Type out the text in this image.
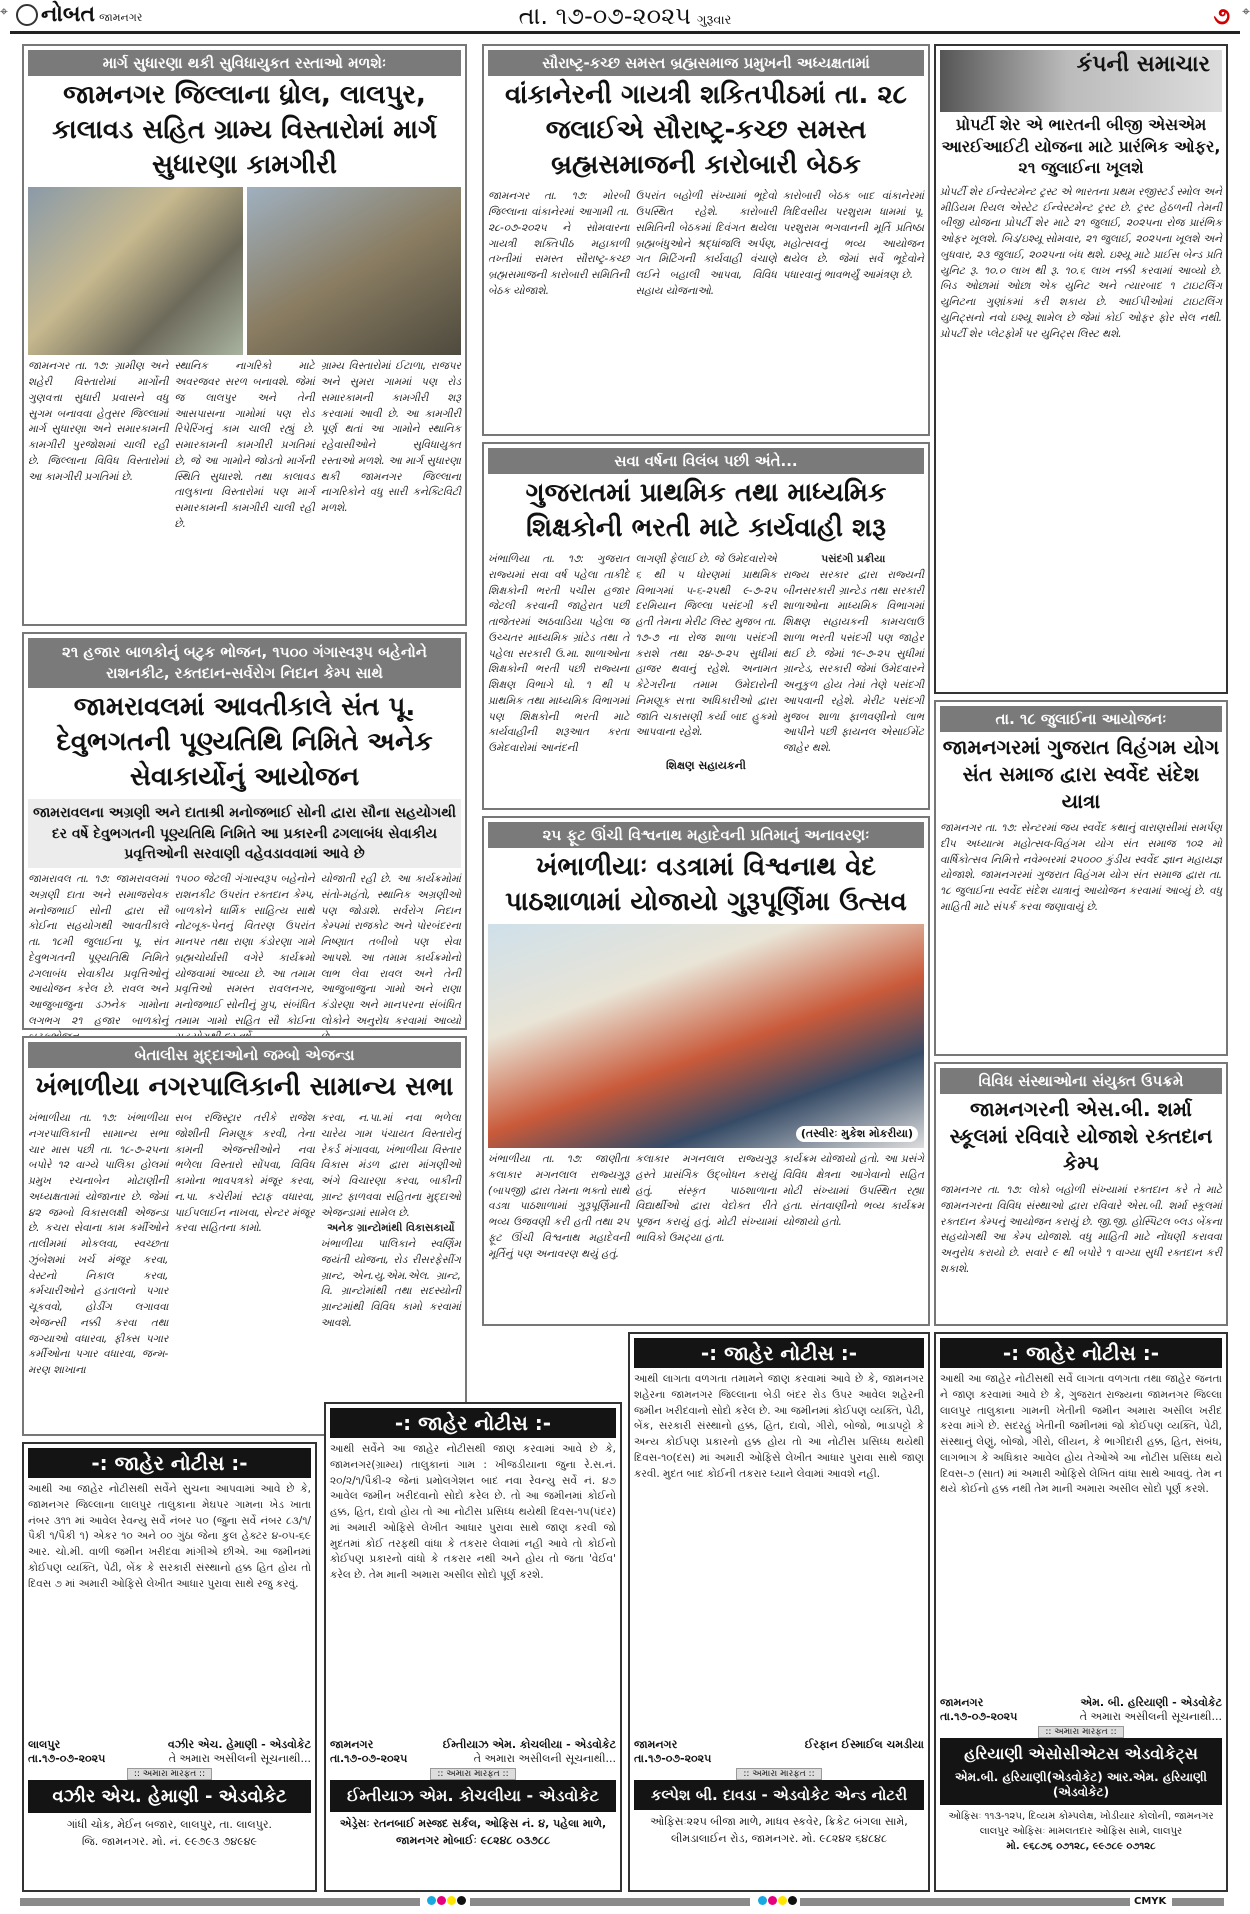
નોબત જામનગર	તા. ૧૭-૦૭-૨૦૨૫ ગુરૂવાર	૭
⌖	⌖
માર્ગ સુધારણા થકી સુવિધાયુકત રસ્તાઓ મળશેઃ
જામનગર જિલ્લાના ધ્રોલ, લાલપુર, કાલાવડ સહિત ગ્રામ્ય વિસ્તારોમાં માર્ગ સુધારણા કામગીરી

જામનગર તા. ૧૭: ગ્રામીણ અને શહેરી વિસ્તારોમાં માર્ગોની ગુણવત્તા સુધારી પ્રવાસને વધુ સુગમ બનાવવા હેતુસર જિલ્લામાં માર્ગ સુધારણા અને સમારકામની કામગીરી પુરજોશમાં ચાલી રહી છે. જિલ્લાના વિવિધ વિસ્તારોમાં આ કામગીરી પ્રગતિમાં છે.

સ્થાનિક નાગરિકો માટે અવરજવર સરળ બનાવશે. જેમાં જ લાલપુર અને તેની આસપાસના ગામોમાં પણ રોડ રિપેરિંગનું કામ ચાલી રહ્યું છે. સમારકામની કામગીરી પ્રગતિમાં છે, જે આ ગામોને જોડતો માર્ગની સ્થિતિ સુધારશે. તથા કાલાવડ તાલુકાના વિસ્તારોમાં પણ માર્ગ સમારકામની કામગીરી ચાલી રહી છે.

ગ્રામ્ય વિસ્તારોમાં ઈટાળા, રાજપર અને સુમરા ગામમાં પણ રોડ સમારકામની કામગીરી શરૂ કરવામાં આવી છે. આ કામગીરી પૂર્ણ થતાં આ ગામોને સ્થાનિક રહેવાસીઓને સુવિધાયુક્ત રસ્તાઓ મળશે. આ માર્ગ સુધારણા થકી જામનગર જિલ્લાના નાગરિકોને વધુ સારી કનેક્ટિવિટી મળશે.

સૌરાષ્ટ્ર-કચ્છ સમસ્ત બ્રહ્મસમાજ પ્રમુખની અધ્યક્ષતામાં
વાંકાનેરની ગાયત્રી શકિતપીઠમાં તા. ૨૮ જલાઈએ સૌરાષ્ટ્ર-કચ્છ સમસ્ત બ્રહ્મસમાજની કારોબારી બેઠક

જામનગર તા. ૧૭: મોરબી જિલ્લાના વાંકાનેરમાં આગામી તા. ૨૮-૦૭-૨૦૨૫ ને સોમવારના ગાયત્રી શક્તિપીઠ મહાકાળી તખ્તીમાં સમસ્ત સૌરાષ્ટ્ર-કચ્છ બ્રહ્મસમાજની કારોબારી સમિતિની બેઠક યોજાશે.

ઉપરાંત બહોળી સંખ્યામાં ભૂદેવો ઉપસ્થિત રહેશે. કારોબારી સમિતિની બેઠકમાં દિવંગત થયેલા બ્રહ્મબંધુઓને શ્રદ્ધાંજલિ અર્પણ, ગત મિટિંગની કાર્યવાહી વંચાણે લઈને બહાલી આપવા, વિવિધ સહાય યોજનાઓ.

કારોબારી બેઠક બાદ વાંકાનેરમાં ત્રિદિવસીય પરશુરામ ધામમાં પૂ. પરશુરામ ભગવાનની મૂર્તિ પ્રતિષ્ઠા મહોત્સવનું ભવ્ય આયોજન થયેલ છે. જેમાં સર્વે ભૂદેવોને પધારવાનું ભાવભર્યું આમંત્રણ છે.

કંપની સમાચાર
પ્રોપર્ટી શેર એ ભારતની બીજી એસએમ આરઈઆઈટી યોજના માટે પ્રારંભિક ઓફર, ૨૧ જુલાઈના ખૂલશે
પ્રોપર્ટી શેર ઈન્વેસ્ટમેન્ટ ટ્રસ્ટ એ ભારતના પ્રથમ રજીસ્ટર્ડ સ્મોલ અને મીડિયમ રિયલ એસ્ટેટ ઈન્વેસ્ટમેન્ટ ટ્રસ્ટ છે. ટ્રસ્ટ હેઠળની તેમની બીજી યોજના પ્રોપર્ટી શેર માટે ૨૧ જુલાઈ, ૨૦૨૫ના રોજ પ્રારંભિક ઓફર ખૂલશે. બિડ/ઇશ્યૂ સોમવાર, ૨૧ જુલાઈ, ૨૦૨૫ના ખૂલશે અને બુધવાર, ૨૩ જુલાઈ, ૨૦૨૫ના બંધ થશે. ઇશ્યૂ માટે પ્રાઈસ બેન્ડ પ્રતિ યુનિટ રૂ. ૧૦.૦ લાખ થી રૂ. ૧૦.૬ લાખ નક્કી કરવામાં આવ્યો છે. બિડ ઓછામાં ઓછા એક યુનિટ અને ત્યારબાદ ૧ ટાઇટલિંગ યુનિટના ગુણાંકમાં કરી શકાય છે. આઈપીઓમાં ટાઇટલિંગ યુનિટ્સનો નવો ઇશ્યૂ શામેલ છે જેમાં કોઈ ઓફર ફોર સેલ નથી. પ્રોપર્ટી શેર પ્લેટફોર્મ પર યુનિટ્સ લિસ્ટ થશે.
સવા વર્ષના વિલંબ પછી અંતે...
ગુજરાતમાં પ્રાથમિક તથા માધ્યમિક શિક્ષકોની ભરતી માટે કાર્યવાહી શરૂ

ખંભાળિયા તા. ૧૭: ગુજરાત રાજ્યમાં સવા વર્ષ પહેલા તાકીદે શિક્ષકોની ભરતી પચીસ હજાર જેટલી કરવાની જાહેરાત પછી તાજેતરમાં અઠવાડિયા પહેલા જ ઉચ્ચતર માધ્યમિક ગ્રાંટેડ તથા તે પહેલા સરકારી ઉ.મા. શાળાઓના શિક્ષકોની ભરતી પછી રાજ્યના શિક્ષણ વિભાગે ધો. ૧ થી ૫ પ્રાથમિક તથા માધ્યમિક વિભાગમાં પણ શિક્ષકોની ભરતી માટે કાર્યવાહીની શરૂઆત કરતા ઉમેદવારોમાં આનંદની

લાગણી ફેલાઈ છે. જે ઉમેદવારોએ ૬ થી ૫ ધોરણમાં પ્રાથમિક વિભાગમાં ૫-૬-૨૫થી ૯-૭-૨૫ દરમિયાન જિલ્લા પસંદગી કરી હતી તેમના મેરીટ લિસ્ટ મુજબ તા. ૧૭-૭ ના રોજ શાળા પસંદગી કરાશે તથા ૨૪-૭-૨૫ સુધીમાં હાજર થવાનું રહેશે. અનામત કેટેગરીના તમામ ઉમેદારોની નિમણૂક સત્તા અધિકારીઓ દ્વારા જાતિ ચકાસણી કર્યા બાદ હુકમો આપવાના રહેશે.

પસંદગી પ્રક્રીયા
રાજ્ય સરકાર દ્વારા રાજ્યની બીનસરકારી ગ્રાન્ટેડ તથા સરકારી શાળાઓના માધ્યમિક વિભાગમાં શિક્ષણ સહાયકની કામચલાઉ શાળા ભરતી પસંદગી પણ જાહેર થઈ છે. જેમાં ૧૯-૭-૨૫ સુધીમાં ગ્રાન્ટેડ, સરકારી જેમાં ઉમેદવારને અનુકુળ હોય તેમાં તેણે પસંદગી આપવાની રહેશે. મેરીટ પસંદગી મુજબ શાળા ફાળવણીનો લાભ આપીને પછી ફાયનલ એસાઈમેંટ જાહેર થશે.

શિક્ષણ સહાયકની
૨૧ હજાર બાળકોનું બટુક ભોજન, ૧૫૦૦ ગંગાસ્વરૂપ બહેનોને રાશનકીટ, રક્તદાન-સર્વરોગ નિદાન કેમ્પ સાથે
જામરાવલમાં આવતીકાલે સંત પૂ. દેવુભગતની પૂણ્યતિથિ નિમિતે અનેક સેવાકાર્યોનું આયોજન
જામરાવલના અગ્રણી અને દાતાશ્રી મનોજભાઈ સોની દ્વારા સૌના સહયોગથી દર વર્ષે દેવુભગતની પૂણ્યતિથિ નિમિતે આ પ્રકારની ઢગલાબંધ સેવાકીય પ્રવૃત્તિઓની સરવાણી વહેવડાવવામાં આવે છે

જામરાવલ તા. ૧૭: જામરાવલમાં અગ્રણી દાતા અને સમાજસેવક મનોજભાઈ સોની દ્વારા સૌ કોઈના સહયોગથી આવતીકાલે તા. ૧૮મી જુલાઈના પૂ. સંત દેવુભગતની પૂણ્યતિથિ નિમિતે ઢગલાબંધ સેવાકીય પ્રવૃત્તિઓનું આયોજન કરેલ છે. રાવલ અને આજુબાજુના ડઝનેક ગામોના લગભગ ૨૧ હજાર બાળકોનું

૧૫૦૦ જેટલી ગંગાસ્વરૂપ બહેનોને રાશનકીટ ઉપરાંત રક્તદાન કેમ્પ, બાળકોને ધાર્મિક સાહિત્ય સાથે નોટબૂક-પેનનું વિતરણ ઉપરાંત માનપર તથા રાણા કંડોરણા ગામે બ્રહ્મચોર્યાસી વગેરે કાર્યક્રમો યોજવામાં આવ્યા છે. આ તમામ પ્રવૃત્તિઓ સમસ્ત રાવલનગર, મનોજભાઈ સોનીનું ગ્રુપ, સંબંધિત તમામ ગામો સહિત સૌ કોઈના

યોજાતી રહી છે. આ કાર્યક્રમોમાં સંતો-મહંતો, સ્થાનિક અગ્રણીઓ પણ જોડાશે. સર્વરોગ નિદાન કેમ્પમાં રાજકોટ અને પોરબંદરના નિષ્ણાત તબીબો પણ સેવા આપશે. આ તમામ કાર્યક્રમોનો લાભ લેવા રાવલ અને તેની આજુબાજુના ગામો અને રાણા કંડોરણા અને માનપરના સંબંધિત લોકોને અનુરોધ કરવામાં આવ્યો

તા. ૧૮ જુલાઈના આયોજનઃ
જામનગરમાં ગુજરાત વિહંગમ યોગ સંત સમાજ દ્વારા સ્વર્વેદ સંદેશ યાત્રા
જામનગર તા. ૧૭: સેન્ટરમાં જય સ્વર્વેદ કથાનું વારાણસીમાં સમર્પણ દીપ અધ્યાત્મ મહોત્સવ-વિહંગમ યોગ સંત સમાજ ૧૦૨ મો વાર્ષિકોત્સવ નિમિત્તે નવેમ્બરમાં ૨૫૦૦૦ કુંડીય સ્વર્વેદ જ્ઞાન મહાયજ્ઞ યોજાશે. જામનગરમાં ગુજરાત વિહંગમ યોગ સંત સમાજ દ્વારા તા. ૧૮ જુલાઈના સ્વર્વેદ સંદેશ યાત્રાનું આયોજન કરવામાં આવ્યું છે. વધુ માહિતી માટે સંપર્ક કરવા જણાવાયું છે.
૨૫ ફૂટ ઊંચી વિશ્વનાથ મહાદેવની પ્રતિમાનું અનાવરણઃ
ખંભાળીયાઃ વડત્રામાં વિશ્વનાથ વેદ પાઠશાળામાં યોજાયો ગુરૂપૂર્ણિમા ઉત્સવ
(તસ્વીરઃ મુકેશ મોકરીયા)

ખંભાળીયા તા. ૧૭: જાણીતા કલાકાર મગનલાલ રાજ્યગુરૂ (બાપજી) દ્વારા તેમના ભક્તો સાથે વડત્રા પાઠશાળામાં ગુરૂપૂર્ણિમાની ભવ્ય ઉજવણી કરી હતી તથા ૨૫ ફૂટ ઊંચી વિશ્વનાથ મહાદેવની મૂર્તિનું પણ અનાવરણ થયું હતું.

કલાકાર મગનલાલ રાજ્યગુરૂ હસ્તે પ્રાસંગિક ઉદ્બોધન કરાયું હતું. સંસ્કૃત પાઠશાળાના વિદ્યાર્થીઓ દ્વારા વેદોક્ત રીતે પૂજન કરાયું હતું. મોટી સંખ્યામાં ભાવિકો ઉમટ્યા હતા.

કાર્યક્રમ યોજાયો હતો. આ પ્રસંગે વિવિધ ક્ષેત્રના આગેવાનો સહિત મોટી સંખ્યામાં ઉપસ્થિત રહ્યા હતા. સંતવાણીનો ભવ્ય કાર્યક્રમ યોજાયો હતો.

બેતાલીસ મુદ્દાઓનો જમ્બો એજન્ડા
ખંભાળીયા નગરપાલિકાની સામાન્ય સભા

ખંભાળીયા તા. ૧૭: ખંભાળીયા નગરપાલિકાની સામાન્ય સભા ચાર માસ પછી તા. ૧૮-૭-૨૫ના બપોરે ૧૨ વાગ્યે પાલિકા હોલમાં પ્રમુખ રચનાબેન મોટાણીની અધ્યક્ષતામાં યોજાનાર છે. જેમાં ૪૨ જમ્બો વિકાસલક્ષી એજન્ડા છે. કચરા સેવાના કામ કર્મીઓને તાલીમમાં મોકલવા, સ્વચ્છતા ઝુંબેશમાં ખર્ચ મંજૂર કરવા, વેસ્ટનો નિકાલ કરવા, કર્મચારીઓને હડતાલનો પગાર ચૂકવવો, હોડીંગ લગાવવા એજન્સી નક્કી કરવા તથા જગ્યાઓ વધારવા, ફીક્સ પગાર કર્મીઓના પગાર વધારવા, જન્મ-મરણ શાખાના

સબ રજિસ્ટ્રાર તરીકે રાજેશ જોશીની નિમણૂક કરવી, તેના કામની એજન્સીઓને નવા ભળેલા વિસ્તારો સોંપવા, વિવિધ કામોના ભાવપત્રકો મંજૂર કરવા, ન.પા. કચેરીમાં સ્ટાફ વધારવા, પાઈપલાઈન નાખવા, સેન્ટર મંજૂર કરવા સહિતના કામો.

કરવા, ન.પા.માં નવા ભળેલા ચારેય ગામ પંચાયત વિસ્તારોનું રેકર્ડ મંગાવવા, ખંભાળીયા વિસ્તાર વિકાસ મંડળ દ્વારા માંગણીઓ અંગે વિચારણા કરવા, બાકીની ગ્રાન્ટ ફાળવવા સહિતના મુદ્દાઓ એજન્ડામાં સામેલ છે.
અનેક ગ્રાન્ટોમાંથી વિકાસકાર્યો
ખંભાળીયા પાલિકાને સ્વર્ણિમ જયંતી યોજના, રોડ રીસરફેસીંગ ગ્રાન્ટ, એન.યુ.એમ.એલ. ગ્રાન્ટ, વિ. ગ્રાન્ટોમાંથી તથા સદસ્યોની ગ્રાન્ટમાંથી વિવિધ કામો કરવામાં આવશે.

વિવિધ સંસ્થાઓના સંયુક્ત ઉપક્રમે
જામનગરની એસ.બી. શર્મા સ્કૂલમાં રવિવારે યોજાશે રક્તદાન કેમ્પ
જામનગર તા. ૧૭: લોકો બહોળી સંખ્યામાં રક્તદાન કરે તે માટે જામનગરના વિવિધ સંસ્થાઓ દ્વારા રવિવારે એસ.બી. શર્મા સ્કૂલમાં રક્તદાન કેમ્પનું આયોજન કરાયું છે. જી.જી. હોસ્પિટલ બ્લડ બેંકના સહયોગથી આ કેમ્પ યોજાશે. વધુ માહિતી માટે નોંધણી કરાવવા અનુરોધ કરાયો છે. સવારે ૯ થી બપોરે ૧ વાગ્યા સુધી રક્તદાન કરી શકાશે.
-: જાહેર નોટીસ :-
આથી આ જાહેર નોટીસથી સર્વેને સુચના આપવામાં આવે છે કે, જામનગર જિલ્લાના લાલપુર તાલુકાના મેઘપર ગામના ખેડ ખાતા નંબર ૩૧૧ માં આવેલ રેવન્યુ સર્વે નંબર ૫૦ (જુના સર્વે નંબર ૮૩/૧/પૈકી ૧/પૈકી ૧) એકર ૧૦ અને ૦૦ ગુંઠા જેના કુલ હેક્ટર ૪-૦૫-૬૯ આર. ચો.મી. વાળી જમીન ખરીદવા માંગીએ છીએ. આ જમીનમાં કોઈપણ વ્યક્તિ, પેઢી, બેંક કે સરકારી સંસ્થાનો હક્ક હિત હોય તો દિવસ ૭ માં અમારી ઓફિસે લેખીત આધાર પુરાવા સાથે રજુ કરવું.
લાલપુર
તા.૧૭-૦૭-૨૦૨૫
વઝીર એચ. હેમાણી - એડવોકેટ
તે અમારા અસીલની સૂચનાથી...
:: અમારા મારફત ::
વઝીર એચ. હેમાણી - એડવોકેટ
ગાંધી ચોક, મેઈન બજાર, લાલપુર, તા. લાલપુર.
જિ. જામનગર. મો. નં. ૯૯૭૯૩ ૭૪૯૪૯
-: જાહેર નોટીસ :-
આથી સર્વેને આ જાહેર નોટીસથી જાણ કરવામાં આવે છે કે, જામનગર(ગ્રામ્ય) તાલુકાનાં ગામ : ખીજડીયાના જુના રે.સ.નં. ૨૦/૨/૧/પૈકી-૨ જેનાં પ્રમોલગેશન બાદ નવા રેવન્યુ સર્વે નં. ૪૭ આવેલ જમીન ખરીદવાનો સોદો કરેલ છે. તો આ જમીનમાં કોઈનો હક્ક, હિત, દાવો હોય તો આ નોટીસ પ્રસિધ્ધ થયેથી દિવસ-૧૫(પંદર) માં અમારી ઓફિસે લેખીત આધાર પુરાવા સાથે જાણ કરવી જો મુદતમાં કોઈ તરફથી વાંધા કે તકરાર લેવામાં નહી આવે તો કોઈનો કોઈપણ પ્રકારનો વાંધો કે તકરાર નથી અને હોય તો જતા 'વેઈવ' કરેલ છે. તેમ માની અમારા અસીલ સોદો પૂર્ણ કરશે.
જામનગર
તા.૧૭-૦૭-૨૦૨૫
ઈમ્તીયાઝ એમ. કોચલીયા - એડવોકેટ
તે અમારા અસીલની સૂચનાથી...
:: અમારા મારફત ::
ઈમ્તીયાઝ એમ. કોચલીયા - એડવોકેટ
એડ્રેસઃ રતનબાઈ મસ્જદ સર્કલ, ઓફિસ નં. ૪, પહેલા માળે,
જામનગર મોબાઈઃ ૯૮૨૪૮ ૦૩૭૮૮
-: જાહેર નોટીસ :-
આથી લાગતા વળગતા તમામને જાણ કરવામાં આવે છે કે, જામનગર શહેરના જામનગર જિલ્લાના બેડી બંદર રોડ ઉપર આવેલ શહેરની જમીન ખરીદવાનો સોદો કરેલ છે. આ જમીનમાં કોઈપણ વ્યક્તિ, પેઢી, બેંક, સરકારી સંસ્થાનો હક્ક, હિત, દાવો, ગીરો, બોજો, ભાડાપટ્ટો કે અન્ય કોઈપણ પ્રકારનો હક્ક હોય તો આ નોટીસ પ્રસિધ્ધ થયેથી દિવસ-૧૦(દસ) માં અમારી ઓફિસે લેખીત આધાર પુરાવા સાથે જાણ કરવી. મુદત બાદ કોઈની તકરાર ધ્યાને લેવામાં આવશે નહી.
જામનગર
તા.૧૭-૦૭-૨૦૨૫
ઈરફાન ઈસ્માઈલ ચમડીયા
:: અમારા મારફત ::
કલ્પેશ બી. દાવડા - એડવોકેટ એન્ડ નોટરી
ઓફિસઃ૨૨૫ બીજા માળે, માધવ સ્કવેર, ક્રિકેટ બંગલા સામે,
લીમડાલાઈન રોડ, જામનગર. મો. ૯૮૨૪૨ ૬૪૮૪૮
-: જાહેર નોટીસ :-
આથી આ જાહેર નોટીસથી સર્વે લાગતા વળગતા તથા જાહેર જનતા ને જાણ કરવામાં આવે છે કે, ગુજરાત રાજ્યના જામનગર જિલ્લા લાલપુર તાલુકાના ગામની ખેતીની જમીન અમારા અસીલ ખરીદ કરવા માંગે છે. સદરહું ખેતીની જમીનમાં જો કોઈપણ વ્યક્તિ, પેઢી, સંસ્થાનું લેણું, બોજો, ગીરો, લીયન, કે ભાગીદારી હક્ક, હિત, સંબંધ, લાગભાગ કે અધિકાર આવેલ હોય તેઓએ આ નોટીસ પ્રસિધ્ધ થયે દિવસ-૭ (સાત) માં અમારી ઓફિસે લેખિત વાંધા સાથે આવવું. તેમ ન થયે કોઈનો હક્ક નથી તેમ માની અમારા અસીલ સોદો પૂર્ણ કરશે.
જામનગર
તા.૧૭-૦૭-૨૦૨૫
એમ. બી. હરિયાણી - એડવોકેટ
તે અમારા અસીલની સૂચનાથી...
:: અમારા મારફત ::
હરિયાણી એસોસીએટસ એડવોકેટ્સ
એમ.બી. હરિયાણી(એડવોકેટ) આર.એમ. હરિયાણી (એડવોકેટ)
ઓફિસઃ ૧૧૩-૧૨૫, દિવ્યમ કોમ્પલેક્ષ, ખોડીયાર કોલોની, જામનગર
લાલપુર ઓફિસઃ મામલતદાર ઓફિસ સામે, લાલપુર
મો. ૯૬૮૭૬ ૦૭૧૨૮, ૯૯૭૮૯ ૦૭૧૨૮
CMYK
